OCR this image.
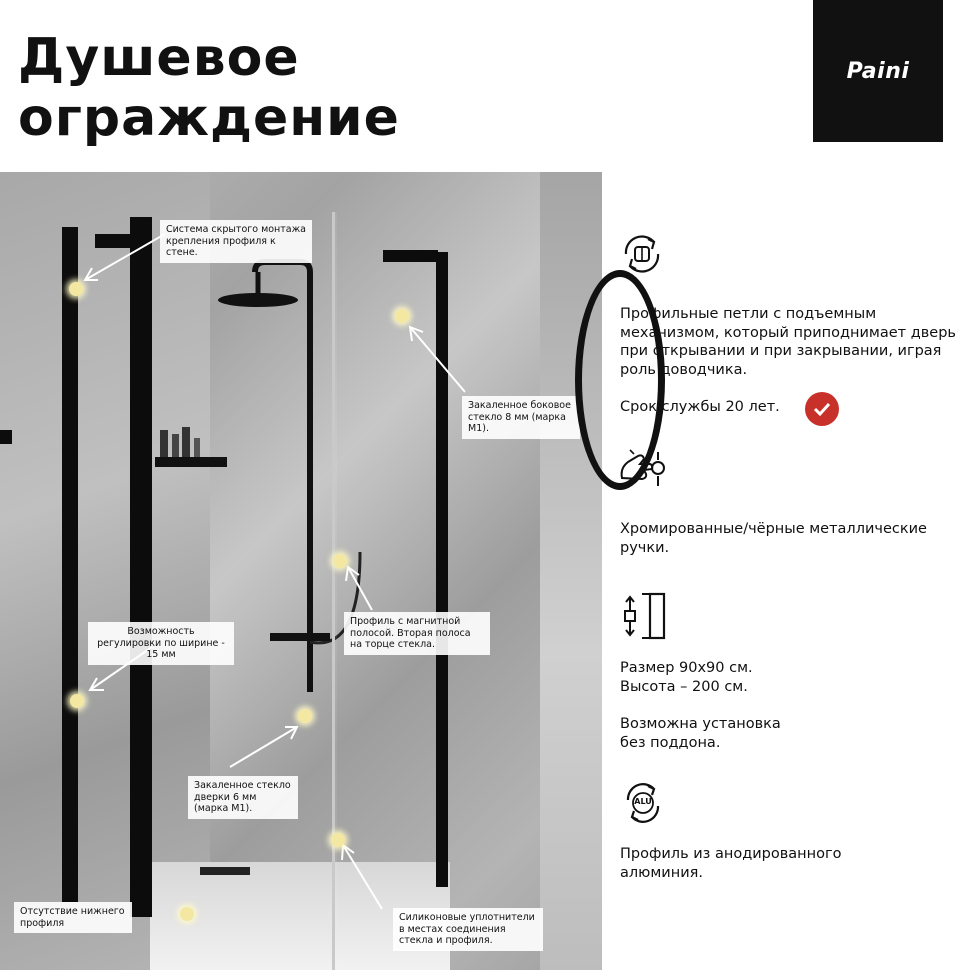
Душевое
ограждение
Paini
Система скрытого монтажа крепления профиля к стене.
Закаленное боковое стекло 8 мм (марка М1).
Профиль с магнитной полосой. Вторая полоса на торце стекла.
Возможность регулировки по ширине - 15 мм
Закаленное стекло дверки 6 мм (марка М1).
Отсутствие нижнего профиля	Силиконовые уплотнители в местах соединения стекла и профиля.
Профильные петли с подъемным механизмом, который приподнимает дверь при открывании и при закрывании, играя роль доводчика.
Срок службы 20 лет.
Хромированные/чёрные металлические ручки.
Размер 90х90 см.
Высота – 200 см.
Возможна установка
без поддона.
ALU
Профиль из анодированного
алюминия.
